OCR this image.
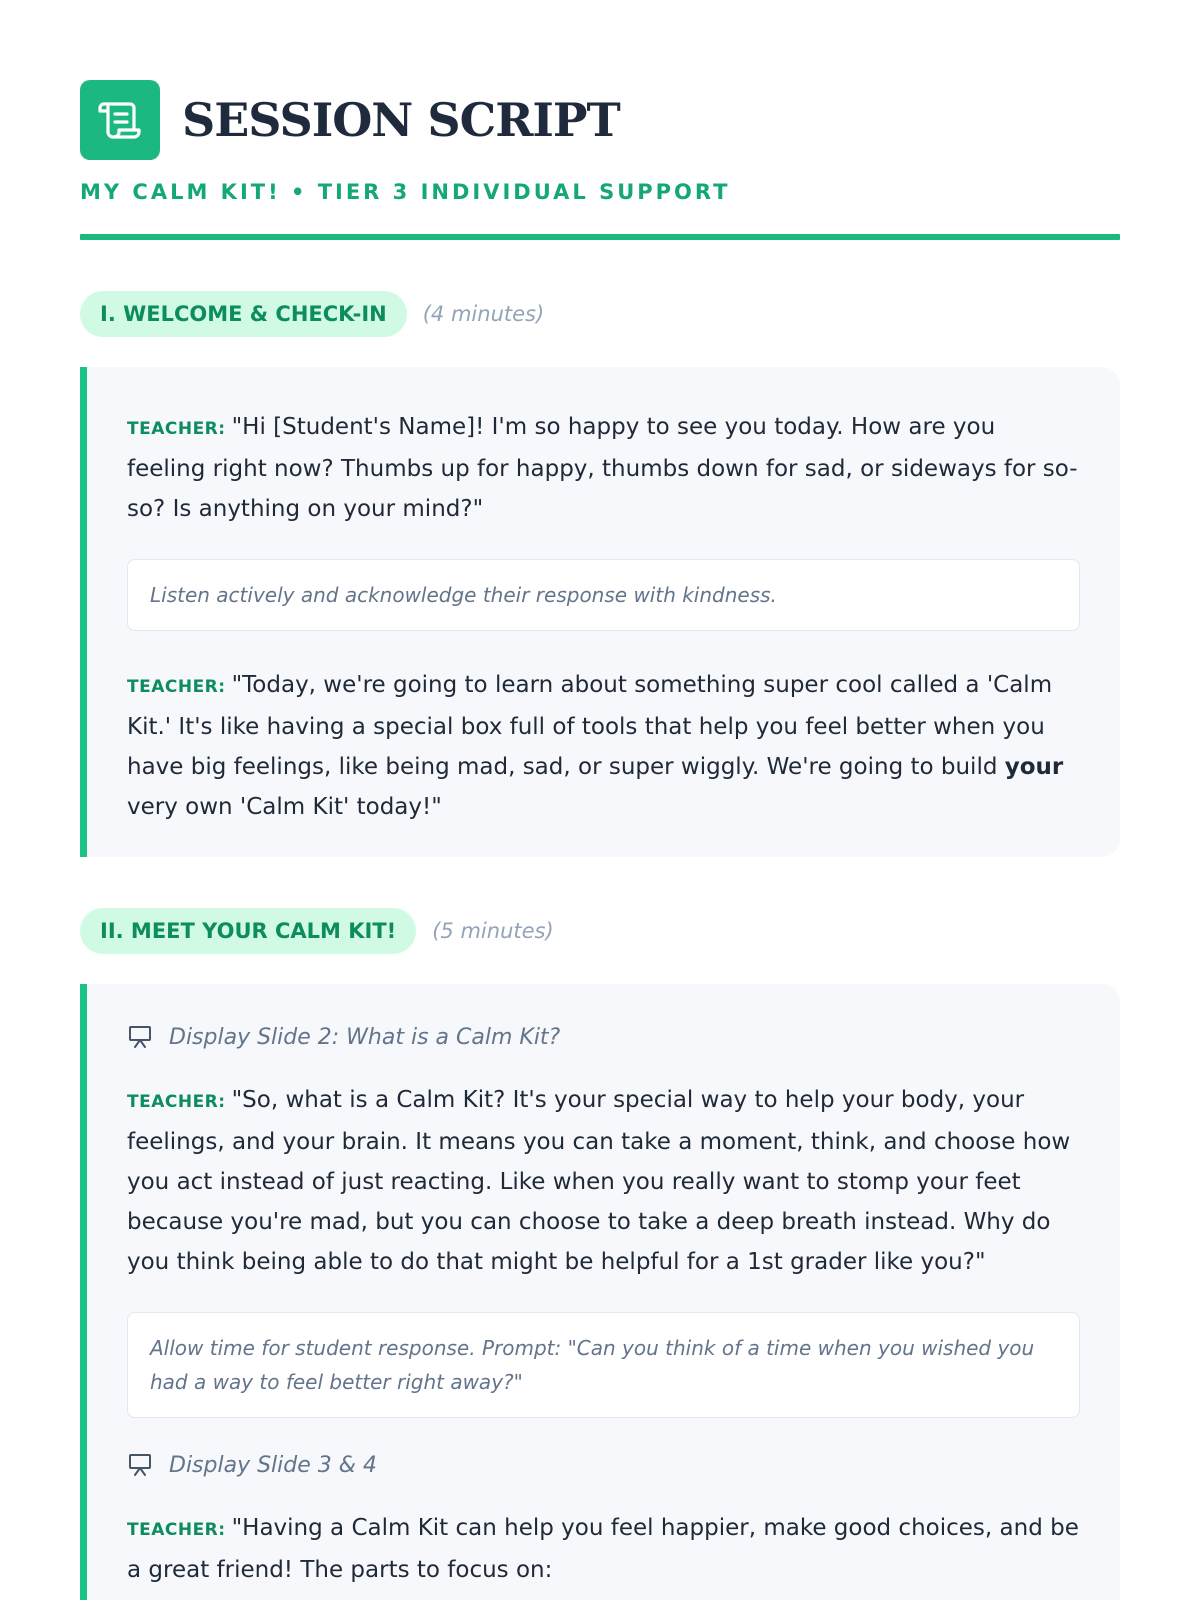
SESSION SCRIPT
MY CALM KIT! • TIER 3 INDIVIDUAL SUPPORT
I. WELCOME & CHECK-IN	(4 minutes)

TEACHER: "Hi [Student's Name]! I'm so happy to see you today. How are you feeling right now? Thumbs up for happy, thumbs down for sad, or sideways for so-so? Is anything on your mind?"

Listen actively and acknowledge their response with kindness.

TEACHER: "Today, we're going to learn about something super cool called a 'Calm Kit.' It's like having a special box full of tools that help you feel better when you have big feelings, like being mad, sad, or super wiggly. We're going to build your very own 'Calm Kit' today!"

II. MEET YOUR CALM KIT!	(5 minutes)
Display Slide 2: What is a Calm Kit?

TEACHER: "So, what is a Calm Kit? It's your special way to help your body, your feelings, and your brain. It means you can take a moment, think, and choose how you act instead of just reacting. Like when you really want to stomp your feet because you're mad, but you can choose to take a deep breath instead. Why do you think being able to do that might be helpful for a 1st grader like you?"

Allow time for student response. Prompt: "Can you think of a time when you wished you had a way to feel better right away?"
Display Slide 3 & 4

TEACHER: "Having a Calm Kit can help you feel happier, make good choices, and be a great friend! The parts to focus on:
